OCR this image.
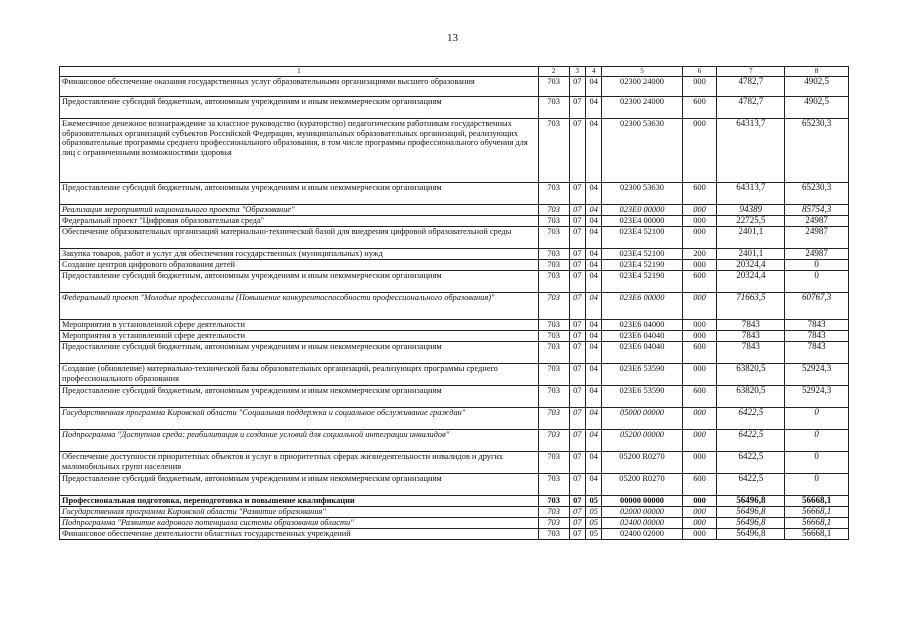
13
1	2	3	4	5	6	7	8
Финансовое обеспечение оказания государственных услуг образовательными организациями высшего образования	703	07	04	02300 24000	000	4782,7	4902,5
Предоставление субсидий бюджетным, автономным учреждениям и иным некоммерческим организациям	703	07	04	02300 24000	600	4782,7	4902,5
Ежемесячное денежное вознаграждение за классное руководство (кураторство) педагогическим работникам государственных образовательных организаций субъектов Российской Федерации, муниципальных образовательных организаций, реализующих образовательные программы среднего профессионального образования, в том числе программы профессионального обучения для лиц с ограниченными возможностями здоровья	703	07	04	02300 53630	000	64313,7	65230,3
Предоставление субсидий бюджетным, автономным учреждениям и иным некоммерческим организациям	703	07	04	02300 53630	600	64313,7	65230,3
Реализация мероприятий национального проекта "Образование"	703	07	04	023E0 00000	000	94389	85754,3
Федеральный проект "Цифровая образовательная среда"	703	07	04	023E4 00000	000	22725,5	24987
Обеспечение образовательных организаций материально-технической базой для внедрения цифровой образовательной среды	703	07	04	023E4 52100	000	2401,1	24987
Закупка товаров, работ и услуг для обеспечения государственных (муниципальных) нужд	703	07	04	023E4 52100	200	2401,1	24987
Создание центров цифрового образования детей	703	07	04	023E4 52190	000	20324,4	0
Предоставление субсидий бюджетным, автономным учреждениям и иным некоммерческим организациям	703	07	04	023E4 52190	600	20324,4	0
Федеральный проект "Молодые профессионалы (Повышение конкурентоспособности профессионального образования)"	703	07	04	023E6 00000	000	71663,5	60767,3
Мероприятия в установленной сфере деятельности	703	07	04	023E6 04000	000	7843	7843
Мероприятия в установленной сфере деятельности	703	07	04	023E6 04040	000	7843	7843
Предоставление субсидий бюджетным, автономным учреждениям и иным некоммерческим организациям	703	07	04	023E6 04040	600	7843	7843
Создание (обновление) материально-технической базы образовательных организаций, реализующих программы среднего профессионального образования	703	07	04	023E6 53590	000	63820,5	52924,3
Предоставление субсидий бюджетным, автономным учреждениям и иным некоммерческим организациям	703	07	04	023E6 53590	600	63820,5	52924,3
Государственная программа Кировской области "Социальная поддержка и социальное обслуживание граждан"	703	07	04	05000 00000	000	6422,5	0
Подпрограмма "Доступная среда: реабилитация и создание условий для социальной интеграции инвалидов"	703	07	04	05200 00000	000	6422,5	0
Обеспечение доступности приоритетных объектов и услуг в приоритетных сферах жизнедеятельности инвалидов и других маломобильных групп населения	703	07	04	05200 R0270	000	6422,5	0
Предоставление субсидий бюджетным, автономным учреждениям и иным некоммерческим организациям	703	07	04	05200 R0270	600	6422,5	0
Профессиональная подготовка, переподготовка и повышение квалификации	703	07	05	00000 00000	000	56496,8	56668,1
Государственная программа Кировской области "Развитие образования"	703	07	05	02000 00000	000	56496,8	56668,1
Подпрограмма "Развитие кадрового потенциала системы образования области"	703	07	05	02400 00000	000	56496,8	56668,1
Финансовое обеспечение деятельности областных государственных учреждений	703	07	05	02400 02000	000	56496,8	56668,1
